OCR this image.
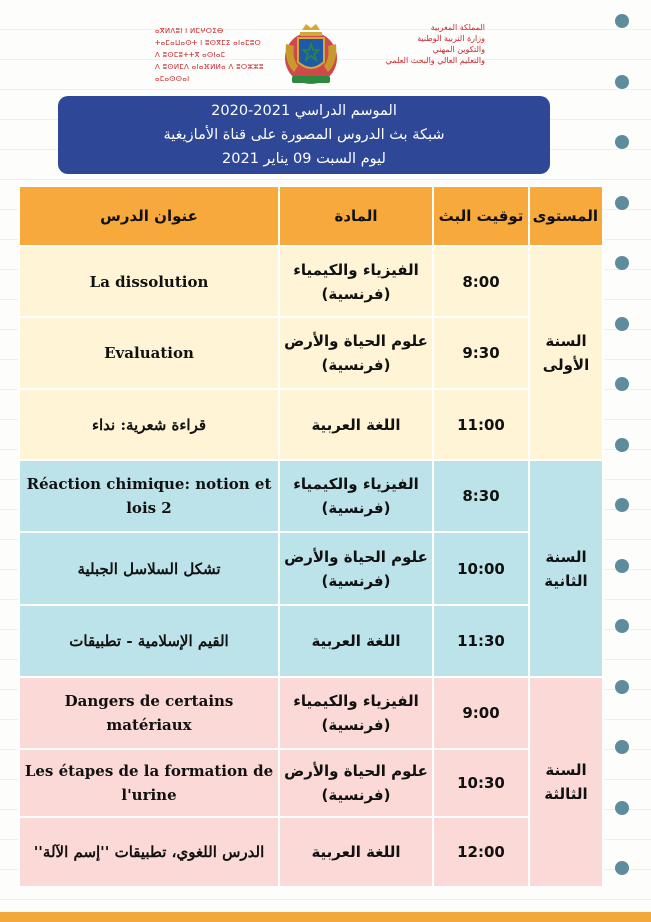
ⴰⴳⵍⴷⵓⵏ ⵏ ⵍⵎⵖⵔⵉⴱ
ⵜⴰⵎⴰⵡⴰⵙⵜ ⵏ ⵓⵙⴳⵎⵉ ⴰⵏⴰⵎⵓⵔ
ⴷ ⵓⵙⵎⵓⵜⵜⴳ ⴰⵙⵏⴰⵎ
ⴷ ⵓⵙⵍⵎⴷ ⴰⵏⴰⴼⵍⵍⴰ ⴷ ⵓⵔⵣⵣⵓ ⴰⵎⴰⵙⵙⴰⵏ
المملكة المغربية
وزارة التربية الوطنية
والتكوين المهني
والتعليم العالي والبحث العلمي
الموسم الدراسي 2021-2020
شبكة بث الدروس المصورة على قناة الأمازيغية
ليوم السبت 09 يناير 2021
المستوى	توقيت البث	المادة	عنوان الدرس
السنة الأولى	8:00	الفيزياء والكيمياء (فرنسية)	La dissolution
	9:30	علوم الحياة والأرض (فرنسية)	Evaluation
	11:00	اللغة العربية	قراءة شعرية: نداء
السنة الثانية	8:30	الفيزياء والكيمياء (فرنسية)	Réaction chimique: notion et lois 2
	10:00	علوم الحياة والأرض (فرنسية)	تشكل السلاسل الجبلية
	11:30	اللغة العربية	القيم الإسلامية - تطبيقات
السنة الثالثة	9:00	الفيزياء والكيمياء (فرنسية)	Dangers de certains matériaux
	10:30	علوم الحياة والأرض (فرنسية)	Les étapes de la formation de l'urine
	12:00	اللغة العربية	الدرس اللغوي، تطبيقات ''إسم الآلة''
